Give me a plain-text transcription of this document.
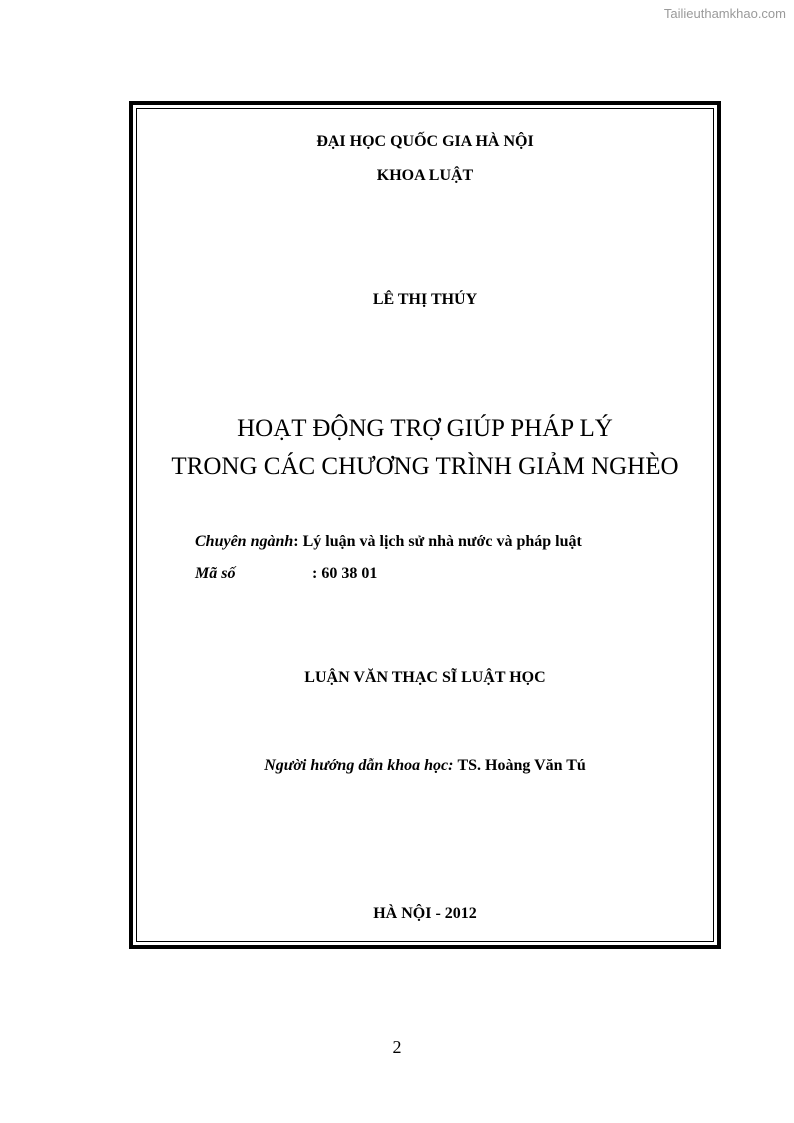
Tailieuthamkhao.com
ĐẠI HỌC QUỐC GIA HÀ NỘI
KHOA LUẬT
LÊ THỊ THÚY
HOẠT ĐỘNG TRỢ GIÚP PHÁP LÝ
TRONG CÁC CHƯƠNG TRÌNH GIẢM NGHÈO
Chuyên ngành: Lý luận và lịch sử nhà nước và pháp luật
Mã số	: 60 38 01
LUẬN VĂN THẠC SĨ LUẬT HỌC
Người hướng dẫn khoa học: TS. Hoàng Văn Tú
HÀ NỘI - 2012
2
